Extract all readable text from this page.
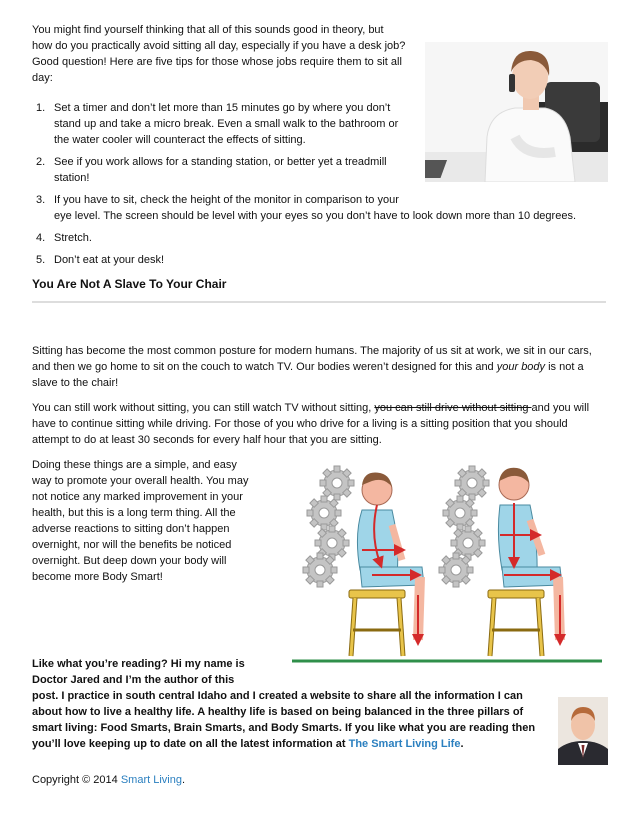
You might find yourself thinking that all of this sounds good in theory, but
how do you practically avoid sitting all day, especially if you have a desk job?
Good question! Here are five tips for those whose jobs require them to sit all
day:
1. Set a timer and don’t let more than 15 minutes go by where you don’t
stand up and take a micro break. Even a small walk to the bathroom or
the water cooler will counteract the effects of sitting.
2. See if you work allows for a standing station, or better yet a treadmill
station!
3. If you have to sit, check the height of the monitor in comparison to your
eye level. The screen should be level with your eyes so you don’t have to look down more than 10 degrees.
4. Stretch.
5. Don’t eat at your desk!
You Are Not A Slave To Your Chair
Sitting has become the most common posture for modern humans. The majority of us sit at work, we sit in our cars,
and then we go home to sit on the couch to watch TV. Our bodies weren’t designed for this and your body is not a
slave to the chair!
You can still work without sitting, you can still watch TV without sitting, you can still drive without sitting and you will
have to continue sitting while driving. For those of you who drive for a living is a sitting position that you should
attempt to do at least 30 seconds for every half hour that you are sitting.
Doing these things are a simple, and easy
way to promote your overall health. You may
not notice any marked improvement in your
health, but this is a long term thing. All the
adverse reactions to sitting don’t happen
overnight, nor will the benefits be noticed
overnight. But deep down your body will
become more Body Smart!
Like what you’re reading? Hi my name is
Doctor Jared and I’m the author of this
post. I practice in south central Idaho and I created a website to share all the information I can
about how to live a healthy life. A healthy life is based on being balanced in the three pillars of
smart living: Food Smarts, Brain Smarts, and Body Smarts. If you like what you are reading then
you’ll love keeping up to date on all the latest information at The Smart Living Life.
Copyright © 2014 Smart Living.
